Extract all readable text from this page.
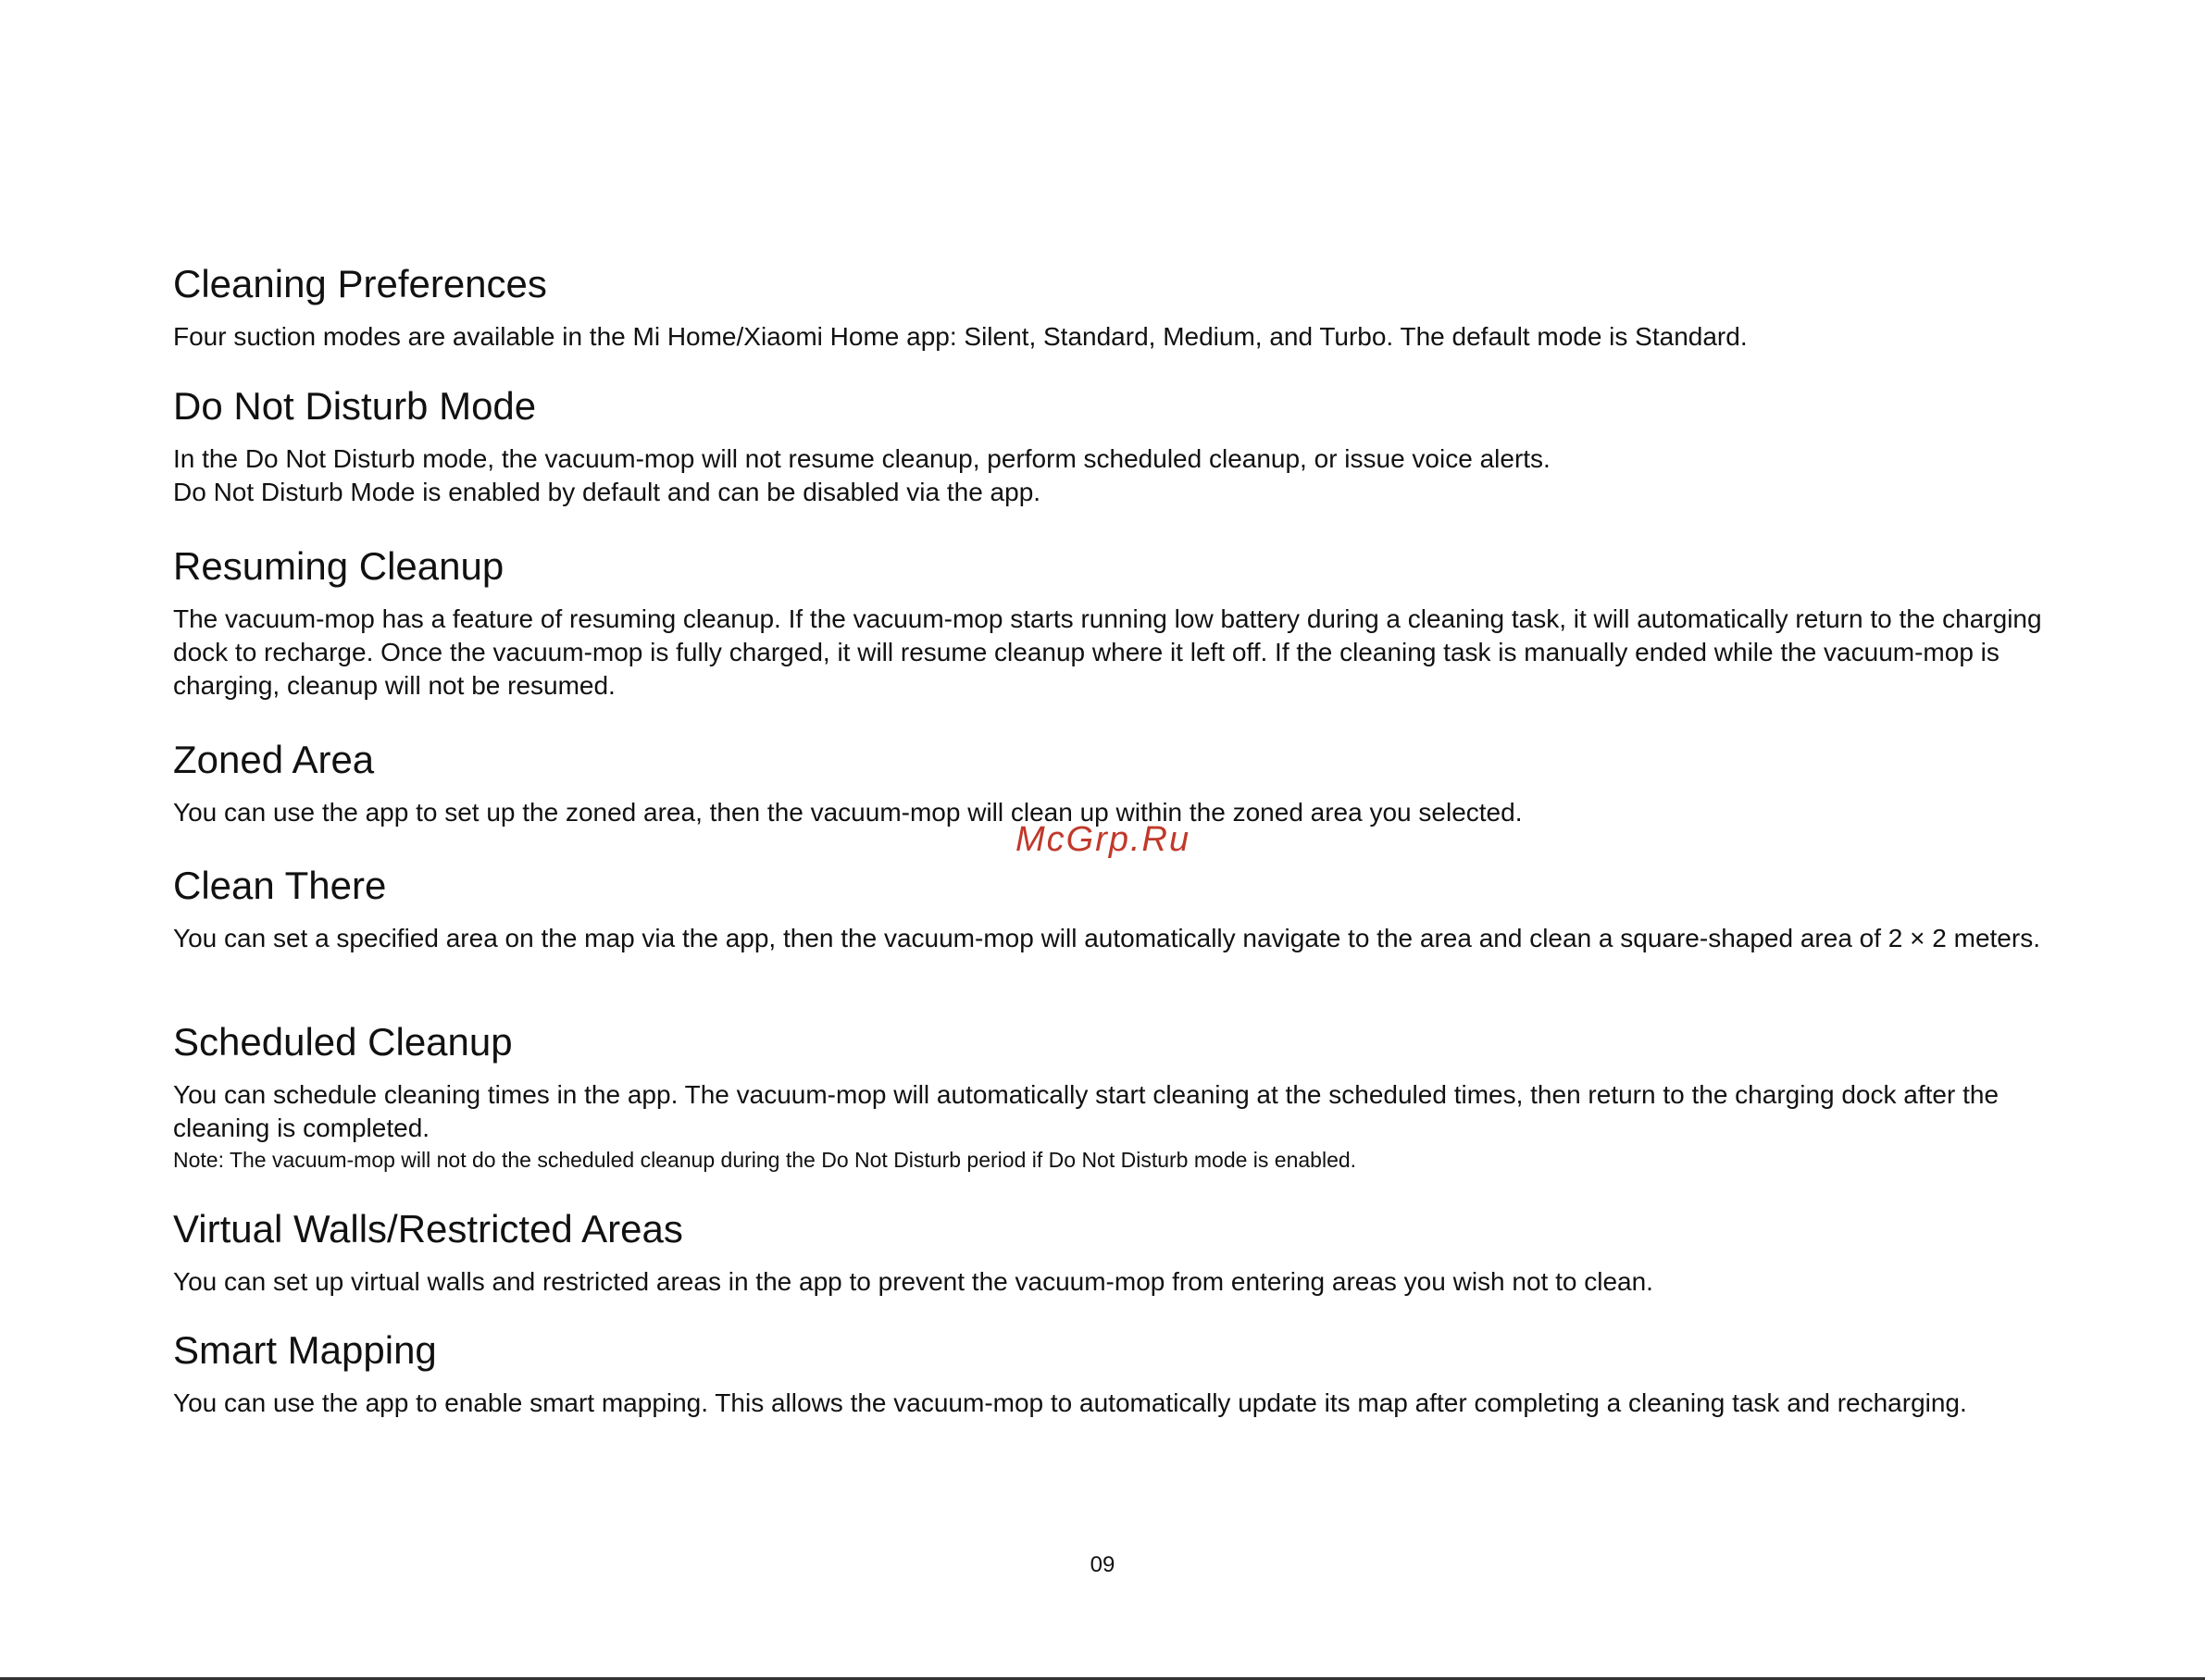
Cleaning Preferences

Four suction modes are available in the Mi Home/Xiaomi Home app: Silent, Standard, Medium, and Turbo. The default mode is Standard.

Do Not Disturb Mode

In the Do Not Disturb mode, the vacuum-mop will not resume cleanup, perform scheduled cleanup, or issue voice alerts.

Do Not Disturb Mode is enabled by default and can be disabled via the app.

Resuming Cleanup

The vacuum-mop has a feature of resuming cleanup. If the vacuum-mop starts running low battery during a cleaning task, it will automatically return to the charging dock to recharge. Once the vacuum-mop is fully charged, it will resume cleanup where it left off. If the cleaning task is manually ended while the vacuum-mop is charging, cleanup will not be resumed.

Zoned Area

You can use the app to set up the zoned area, then the vacuum-mop will clean up within the zoned area you selected.

Clean There

You can set a specified area on the map via the app, then the vacuum-mop will automatically navigate to the area and clean a square-shaped area of 2 × 2 meters.

Scheduled Cleanup

You can schedule cleaning times in the app. The vacuum-mop will automatically start cleaning at the scheduled times, then return to the charging dock after the cleaning is completed.

Note: The vacuum-mop will not do the scheduled cleanup during the Do Not Disturb period if Do Not Disturb mode is enabled.

Virtual Walls/Restricted Areas

You can set up virtual walls and restricted areas in the app to prevent the vacuum-mop from entering areas you wish not to clean.

Smart Mapping

You can use the app to enable smart mapping. This allows the vacuum-mop to automatically update its map after completing a cleaning task and recharging.

McGrp.Ru
09
